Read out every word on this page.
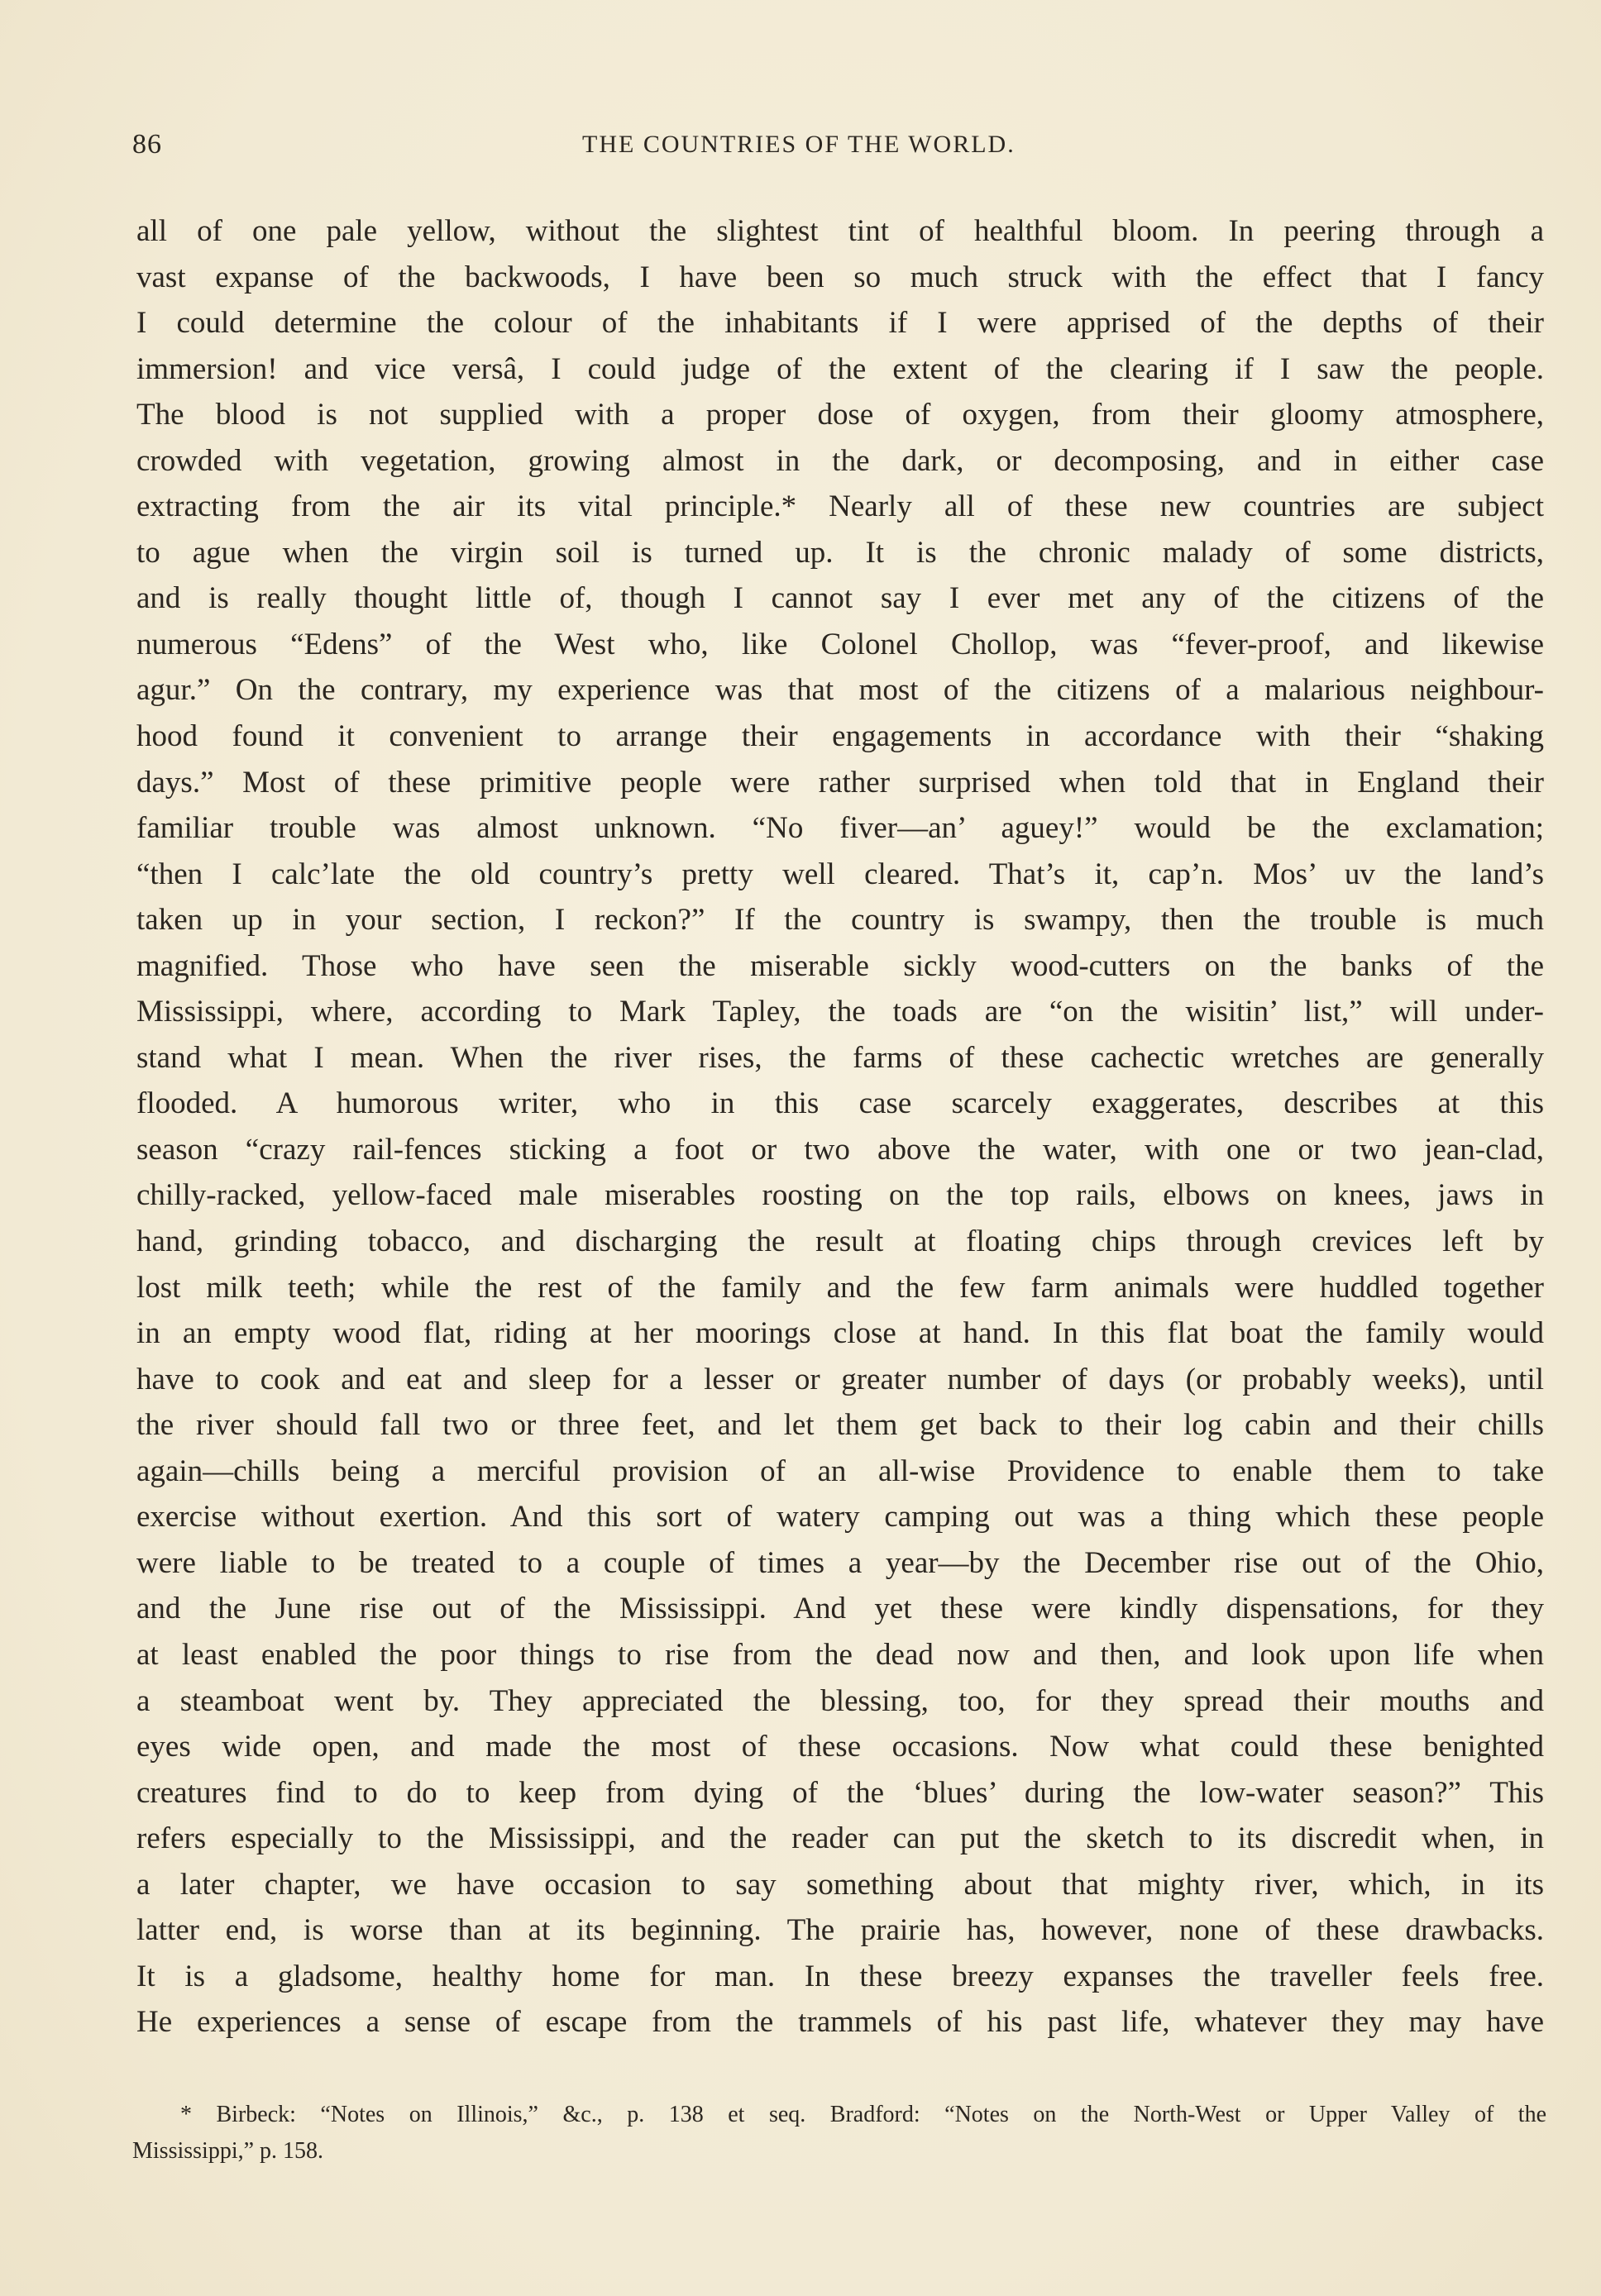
86	THE COUNTRIES OF THE WORLD.
all of one pale yellow, without the slightest tint of healthful bloom. In peering through a
vast expanse of the backwoods, I have been so much struck with the effect that I fancy
I could determine the colour of the inhabitants if I were apprised of the depths of their
immersion! and vice versâ, I could judge of the extent of the clearing if I saw the people.
The blood is not supplied with a proper dose of oxygen, from their gloomy atmosphere,
crowded with vegetation, growing almost in the dark, or decomposing, and in either case
extracting from the air its vital principle.* Nearly all of these new countries are subject
to ague when the virgin soil is turned up. It is the chronic malady of some districts,
and is really thought little of, though I cannot say I ever met any of the citizens of the
numerous “Edens” of the West who, like Colonel Chollop, was “fever-proof, and likewise
agur.” On the contrary, my experience was that most of the citizens of a malarious neighbour-
hood found it convenient to arrange their engagements in accordance with their “shaking
days.” Most of these primitive people were rather surprised when told that in England their
familiar trouble was almost unknown. “No fiver—an’ aguey!” would be the exclamation;
“then I calc’late the old country’s pretty well cleared. That’s it, cap’n. Mos’ uv the land’s
taken up in your section, I reckon?” If the country is swampy, then the trouble is much
magnified. Those who have seen the miserable sickly wood-cutters on the banks of the
Mississippi, where, according to Mark Tapley, the toads are “on the wisitin’ list,” will under-
stand what I mean. When the river rises, the farms of these cachectic wretches are generally
flooded. A humorous writer, who in this case scarcely exaggerates, describes at this
season “crazy rail-fences sticking a foot or two above the water, with one or two jean-clad,
chilly-racked, yellow-faced male miserables roosting on the top rails, elbows on knees, jaws in
hand, grinding tobacco, and discharging the result at floating chips through crevices left by
lost milk teeth; while the rest of the family and the few farm animals were huddled together
in an empty wood flat, riding at her moorings close at hand. In this flat boat the family would
have to cook and eat and sleep for a lesser or greater number of days (or probably weeks), until
the river should fall two or three feet, and let them get back to their log cabin and their chills
again—chills being a merciful provision of an all-wise Providence to enable them to take
exercise without exertion. And this sort of watery camping out was a thing which these people
were liable to be treated to a couple of times a year—by the December rise out of the Ohio,
and the June rise out of the Mississippi. And yet these were kindly dispensations, for they
at least enabled the poor things to rise from the dead now and then, and look upon life when
a steamboat went by. They appreciated the blessing, too, for they spread their mouths and
eyes wide open, and made the most of these occasions. Now what could these benighted
creatures find to do to keep from dying of the ‘blues’ during the low-water season?” This
refers especially to the Mississippi, and the reader can put the sketch to its discredit when, in
a later chapter, we have occasion to say something about that mighty river, which, in its
latter end, is worse than at its beginning. The prairie has, however, none of these drawbacks.
It is a gladsome, healthy home for man. In these breezy expanses the traveller feels free.
He experiences a sense of escape from the trammels of his past life, whatever they may have
* Birbeck: “Notes on Illinois,” &c., p. 138 et seq. Bradford: “Notes on the North-West or Upper Valley of the
Mississippi,” p. 158.
